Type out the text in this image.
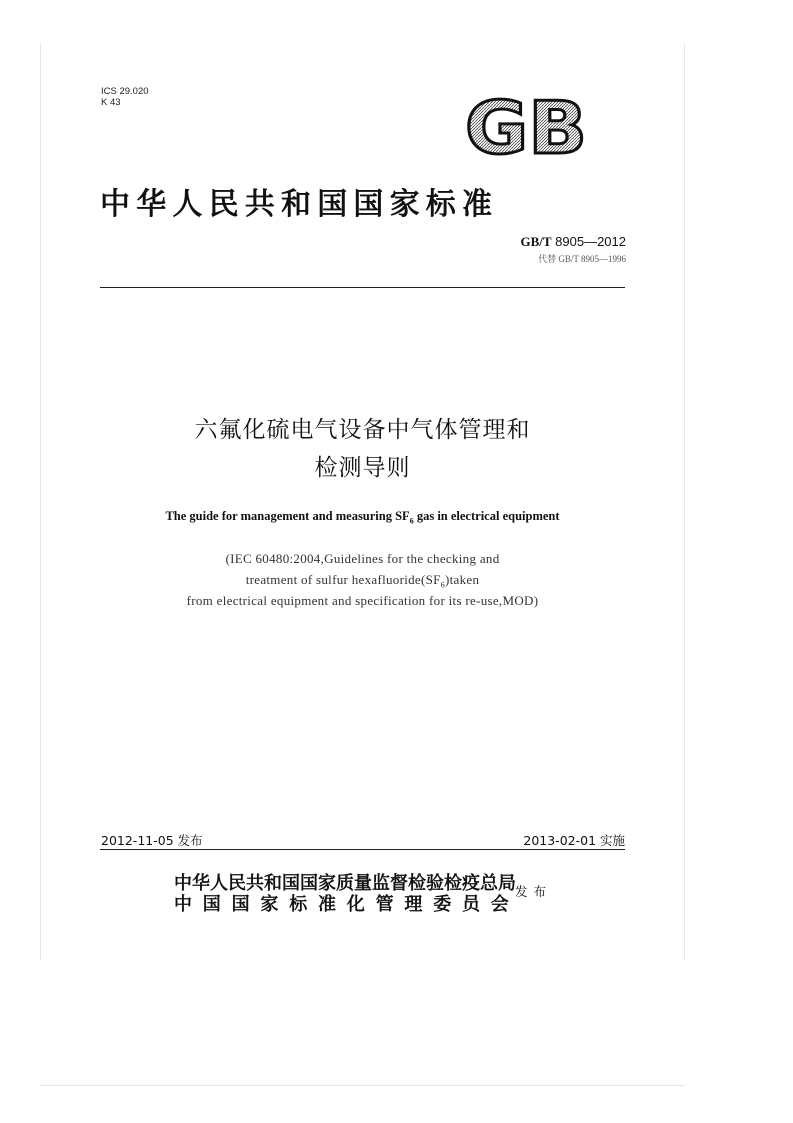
ICS 29.020
K 43	GB
中华人民共和国国家标准
GB/T 8905—2012
代替 GB/T 8905—1996
六氟化硫电气设备中气体管理和
检测导则
The guide for management and measuring $SF_6$ gas in electrical equipment
(IEC 60480:2004,Guidelines for the checking and
treatment of sulfur $hexafluoride(SF_6)taken$
from electrical equipment and specification for its re-use,MOD)
2012-11-05 发布	2013-02-01 实施
中华人民共和国国家质量监督检验检疫总局
中国国家标准化管理委员会
发布
